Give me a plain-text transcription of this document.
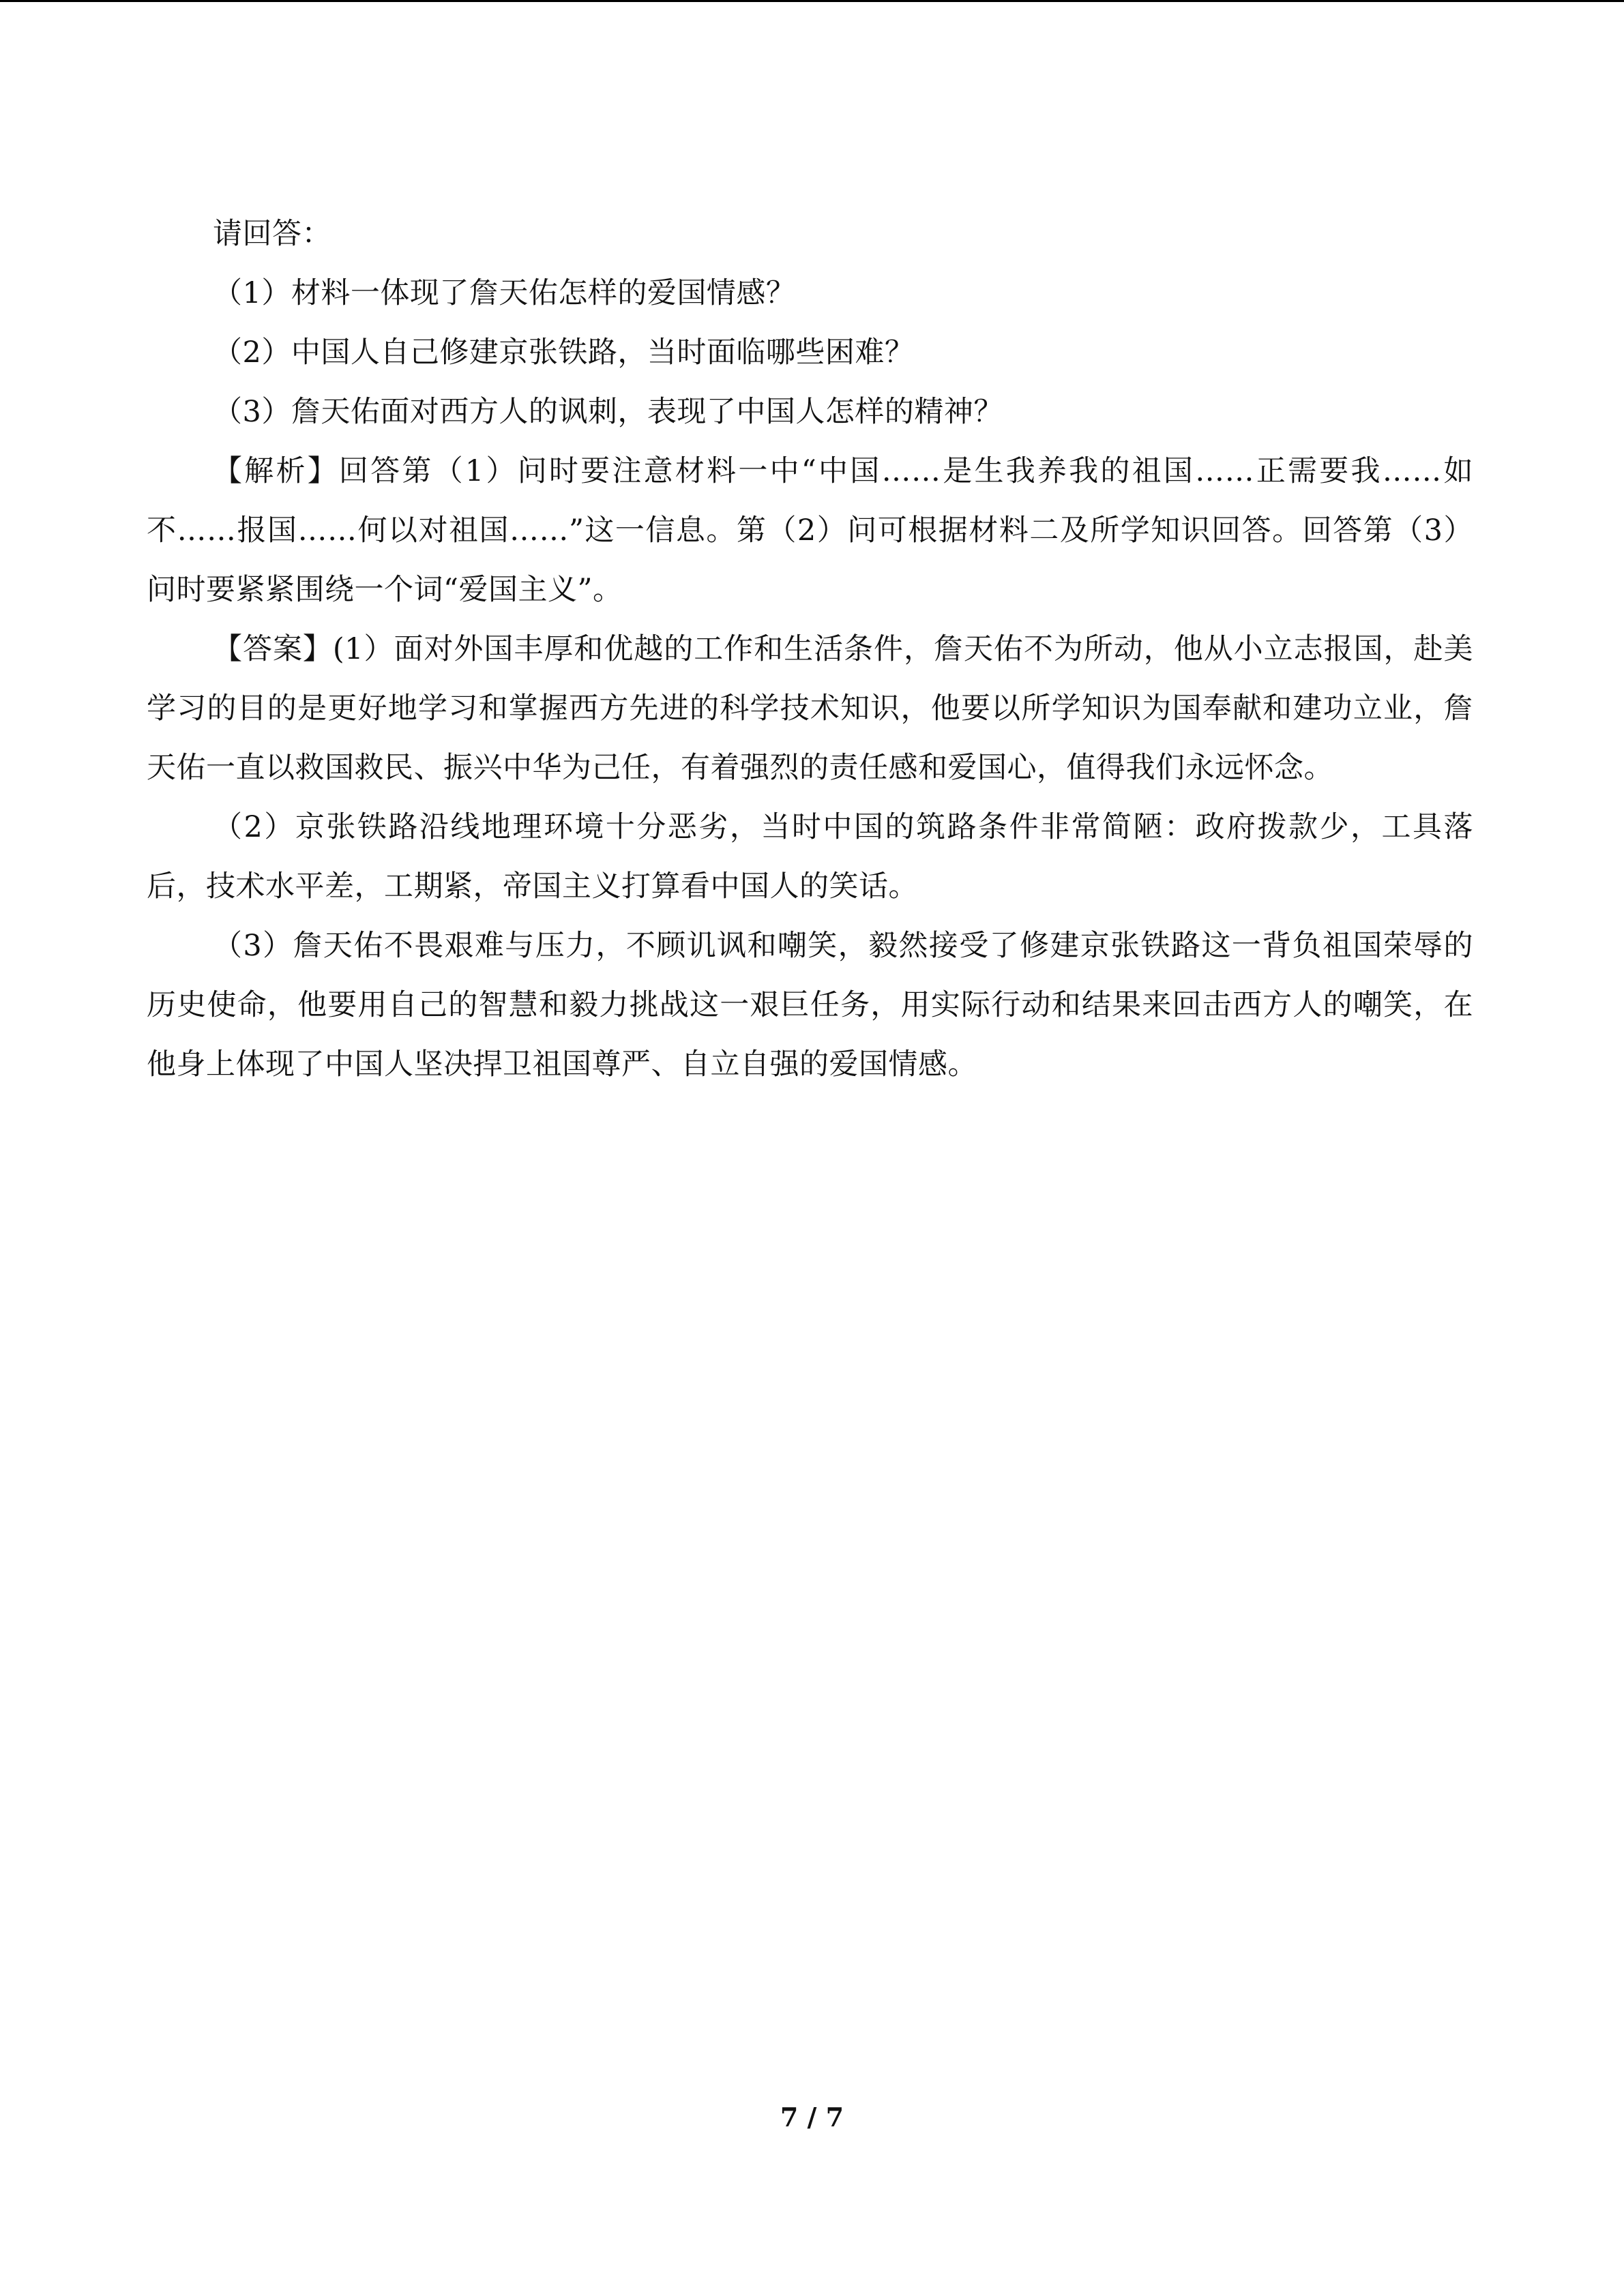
请回答：

（1）材料一体现了詹天佑怎样的爱国情感？

（2）中国人自己修建京张铁路，当时面临哪些困难？

（3）詹天佑面对西方人的讽刺，表现了中国人怎样的精神？

【解析】回答第（1）问时要注意材料一中“中国……是生我养我的祖国……正需要我……如不……报国……何以对祖国……”这一信息。第（2）问可根据材料二及所学知识回答。回答第（3）问时要紧紧围绕一个词“爱国主义”。

【答案】(1）面对外国丰厚和优越的工作和生活条件，詹天佑不为所动，他从小立志报国，赴美学习的目的是更好地学习和掌握西方先进的科学技术知识，他要以所学知识为国奉献和建功立业，詹天佑一直以救国救民、振兴中华为己任，有着强烈的责任感和爱国心，值得我们永远怀念。

（2）京张铁路沿线地理环境十分恶劣，当时中国的筑路条件非常简陋：政府拨款少，工具落后，技术水平差，工期紧，帝国主义打算看中国人的笑话。

（3）詹天佑不畏艰难与压力，不顾讥讽和嘲笑，毅然接受了修建京张铁路这一背负祖国荣辱的历史使命，他要用自己的智慧和毅力挑战这一艰巨任务，用实际行动和结果来回击西方人的嘲笑，在他身上体现了中国人坚决捍卫祖国尊严、自立自强的爱国情感。

7 / 7
